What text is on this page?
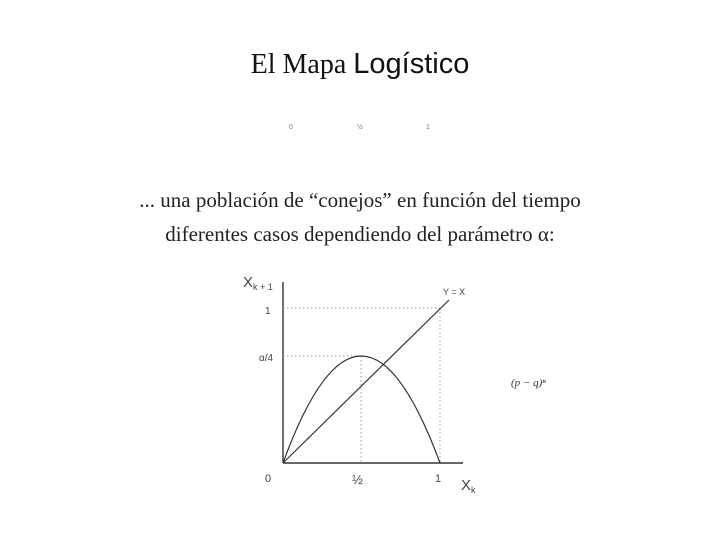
El Mapa Logístico
0	½	1
... una población de “conejos” en función del tiempo
diferentes casos dependiendo del parámetro α:
$X_{k + 1}$
$X_k$
Y = X
1
α/4
0	½	1
(p − q)ⁿ
